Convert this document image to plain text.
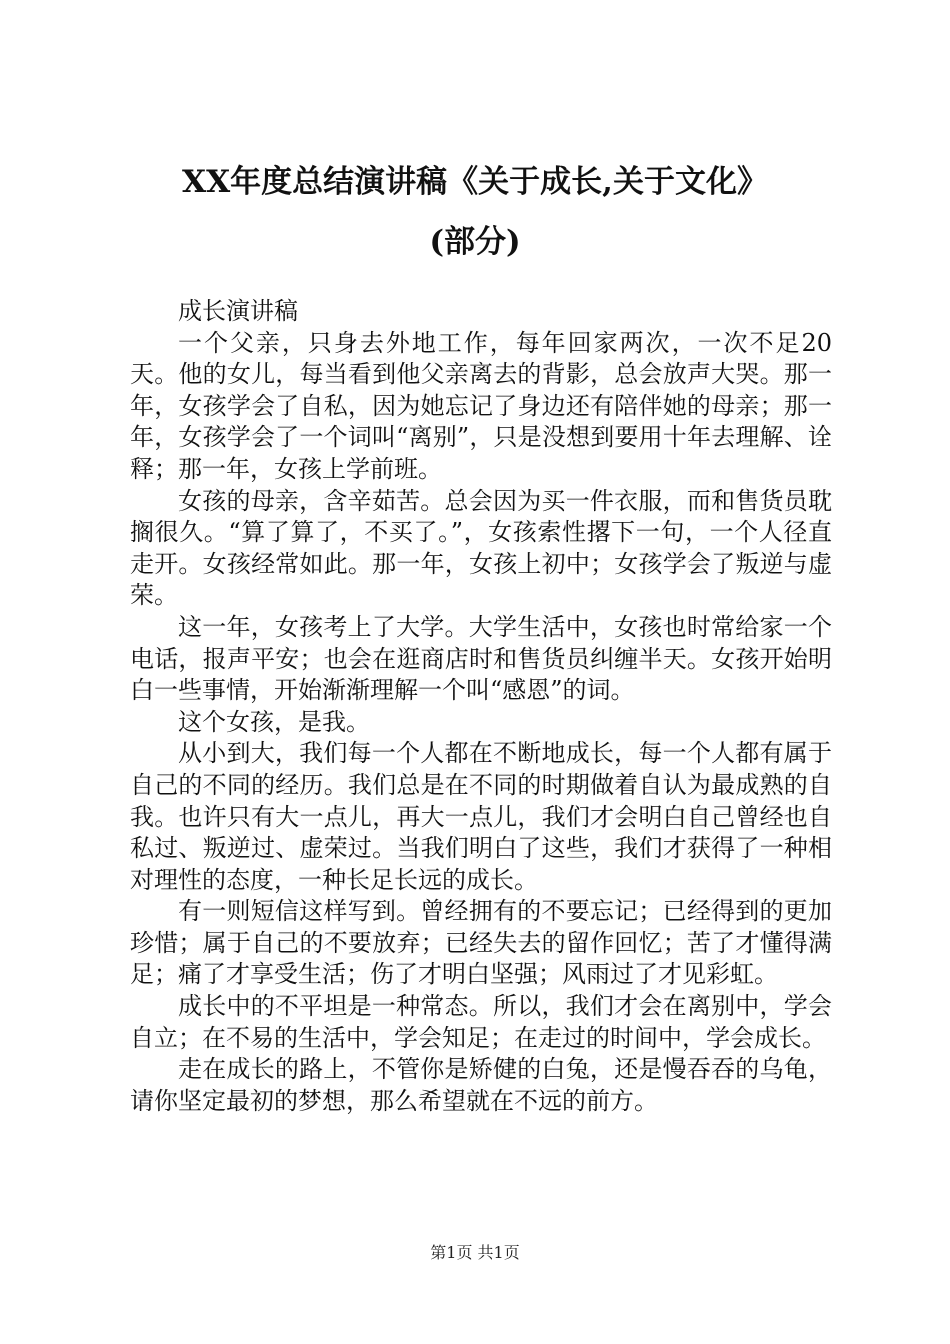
XX年度总结演讲稿《关于成长,关于文化》
(部分)

成长演讲稿

一个父亲，只身去外地工作，每年回家两次，一次不足20天。他的女儿，每当看到他父亲离去的背影，总会放声大哭。那一年，女孩学会了自私，因为她忘记了身边还有陪伴她的母亲；那一年，女孩学会了一个词叫“离别”，只是没想到要用十年去理解、诠释；那一年，女孩上学前班。

女孩的母亲，含辛茹苦。总会因为买一件衣服，而和售货员耽搁很久。“算了算了，不买了。”，女孩索性撂下一句，一个人径直走开。女孩经常如此。那一年，女孩上初中；女孩学会了叛逆与虚荣。

这一年，女孩考上了大学。大学生活中，女孩也时常给家一个电话，报声平安；也会在逛商店时和售货员纠缠半天。女孩开始明白一些事情，开始渐渐理解一个叫“感恩”的词。

这个女孩，是我。

从小到大，我们每一个人都在不断地成长，每一个人都有属于自己的不同的经历。我们总是在不同的时期做着自认为最成熟的自我。也许只有大一点儿，再大一点儿，我们才会明白自己曾经也自私过、叛逆过、虚荣过。当我们明白了这些，我们才获得了一种相对理性的态度，一种长足长远的成长。

有一则短信这样写到。曾经拥有的不要忘记；已经得到的更加珍惜；属于自己的不要放弃；已经失去的留作回忆；苦了才懂得满足；痛了才享受生活；伤了才明白坚强；风雨过了才见彩虹。

成长中的不平坦是一种常态。所以，我们才会在离别中，学会自立；在不易的生活中，学会知足；在走过的时间中，学会成长。

走在成长的路上，不管你是矫健的白兔，还是慢吞吞的乌龟，请你坚定最初的梦想，那么希望就在不远的前方。

第1页 共1页
